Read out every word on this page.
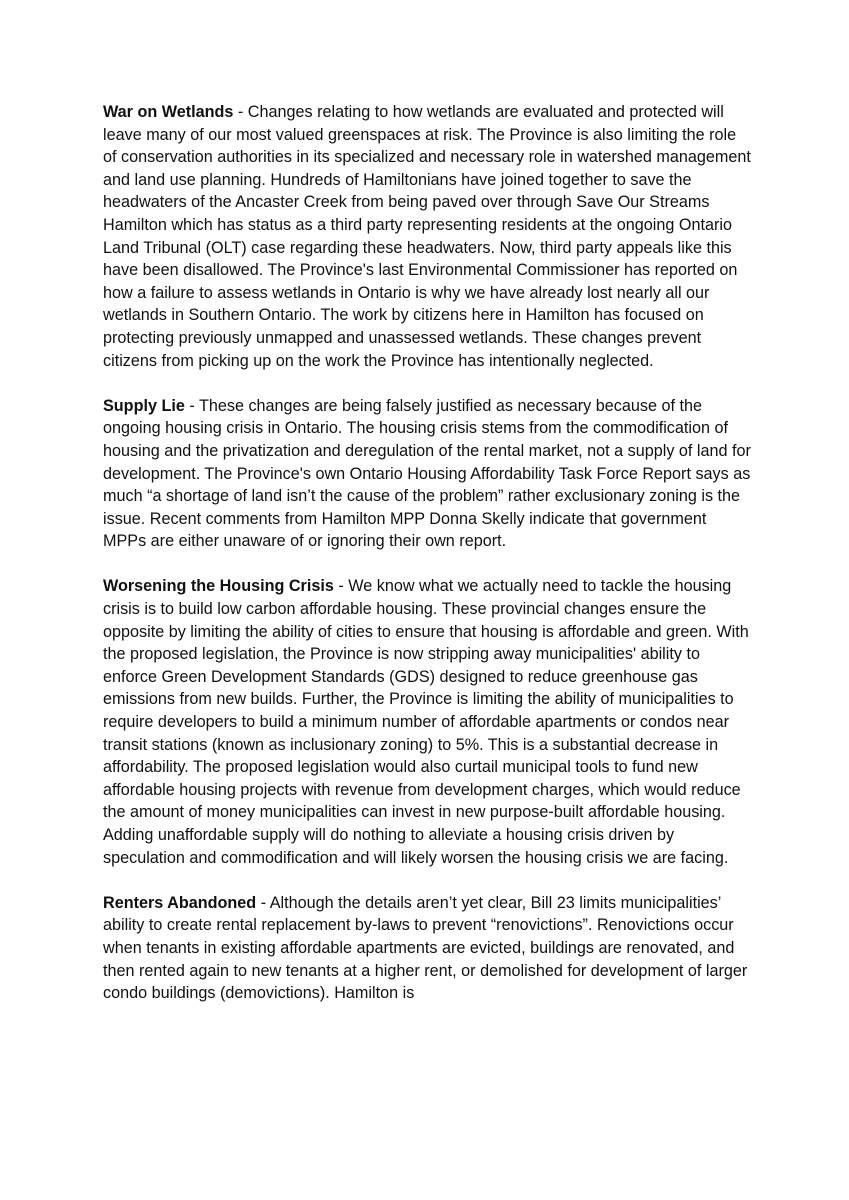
War on Wetlands - Changes relating to how wetlands are evaluated and protected will leave many of our most valued greenspaces at risk. The Province is also limiting the role of conservation authorities in its specialized and necessary role in watershed management and land use planning. Hundreds of Hamiltonians have joined together to save the headwaters of the Ancaster Creek from being paved over through Save Our Streams Hamilton which has status as a third party representing residents at the ongoing Ontario Land Tribunal (OLT) case regarding these headwaters. Now, third party appeals like this have been disallowed. The Province's last Environmental Commissioner has reported on how a failure to assess wetlands in Ontario is why we have already lost nearly all our wetlands in Southern Ontario. The work by citizens here in Hamilton has focused on protecting previously unmapped and unassessed wetlands. These changes prevent citizens from picking up on the work the Province has intentionally neglected.

Supply Lie - These changes are being falsely justified as necessary because of the ongoing housing crisis in Ontario. The housing crisis stems from the commodification of housing and the privatization and deregulation of the rental market, not a supply of land for development. The Province's own Ontario Housing Affordability Task Force Report says as much “a shortage of land isn’t the cause of the problem” rather exclusionary zoning is the issue. Recent comments from Hamilton MPP Donna Skelly indicate that government MPPs are either unaware of or ignoring their own report.

Worsening the Housing Crisis - We know what we actually need to tackle the housing crisis is to build low carbon affordable housing. These provincial changes ensure the opposite by limiting the ability of cities to ensure that housing is affordable and green. With the proposed legislation, the Province is now stripping away municipalities' ability to enforce Green Development Standards (GDS) designed to reduce greenhouse gas emissions from new builds. Further, the Province is limiting the ability of municipalities to require developers to build a minimum number of affordable apartments or condos near transit stations (known as inclusionary zoning) to 5%. This is a substantial decrease in affordability. The proposed legislation would also curtail municipal tools to fund new affordable housing projects with revenue from development charges, which would reduce the amount of money municipalities can invest in new purpose-built affordable housing. Adding unaffordable supply will do nothing to alleviate a housing crisis driven by speculation and commodification and will likely worsen the housing crisis we are facing.

Renters Abandoned - Although the details aren’t yet clear, Bill 23 limits municipalities’ ability to create rental replacement by-laws to prevent “renovictions”. Renovictions occur when tenants in existing affordable apartments are evicted, buildings are renovated, and then rented again to new tenants at a higher rent, or demolished for development of larger condo buildings (demovictions). Hamilton is
